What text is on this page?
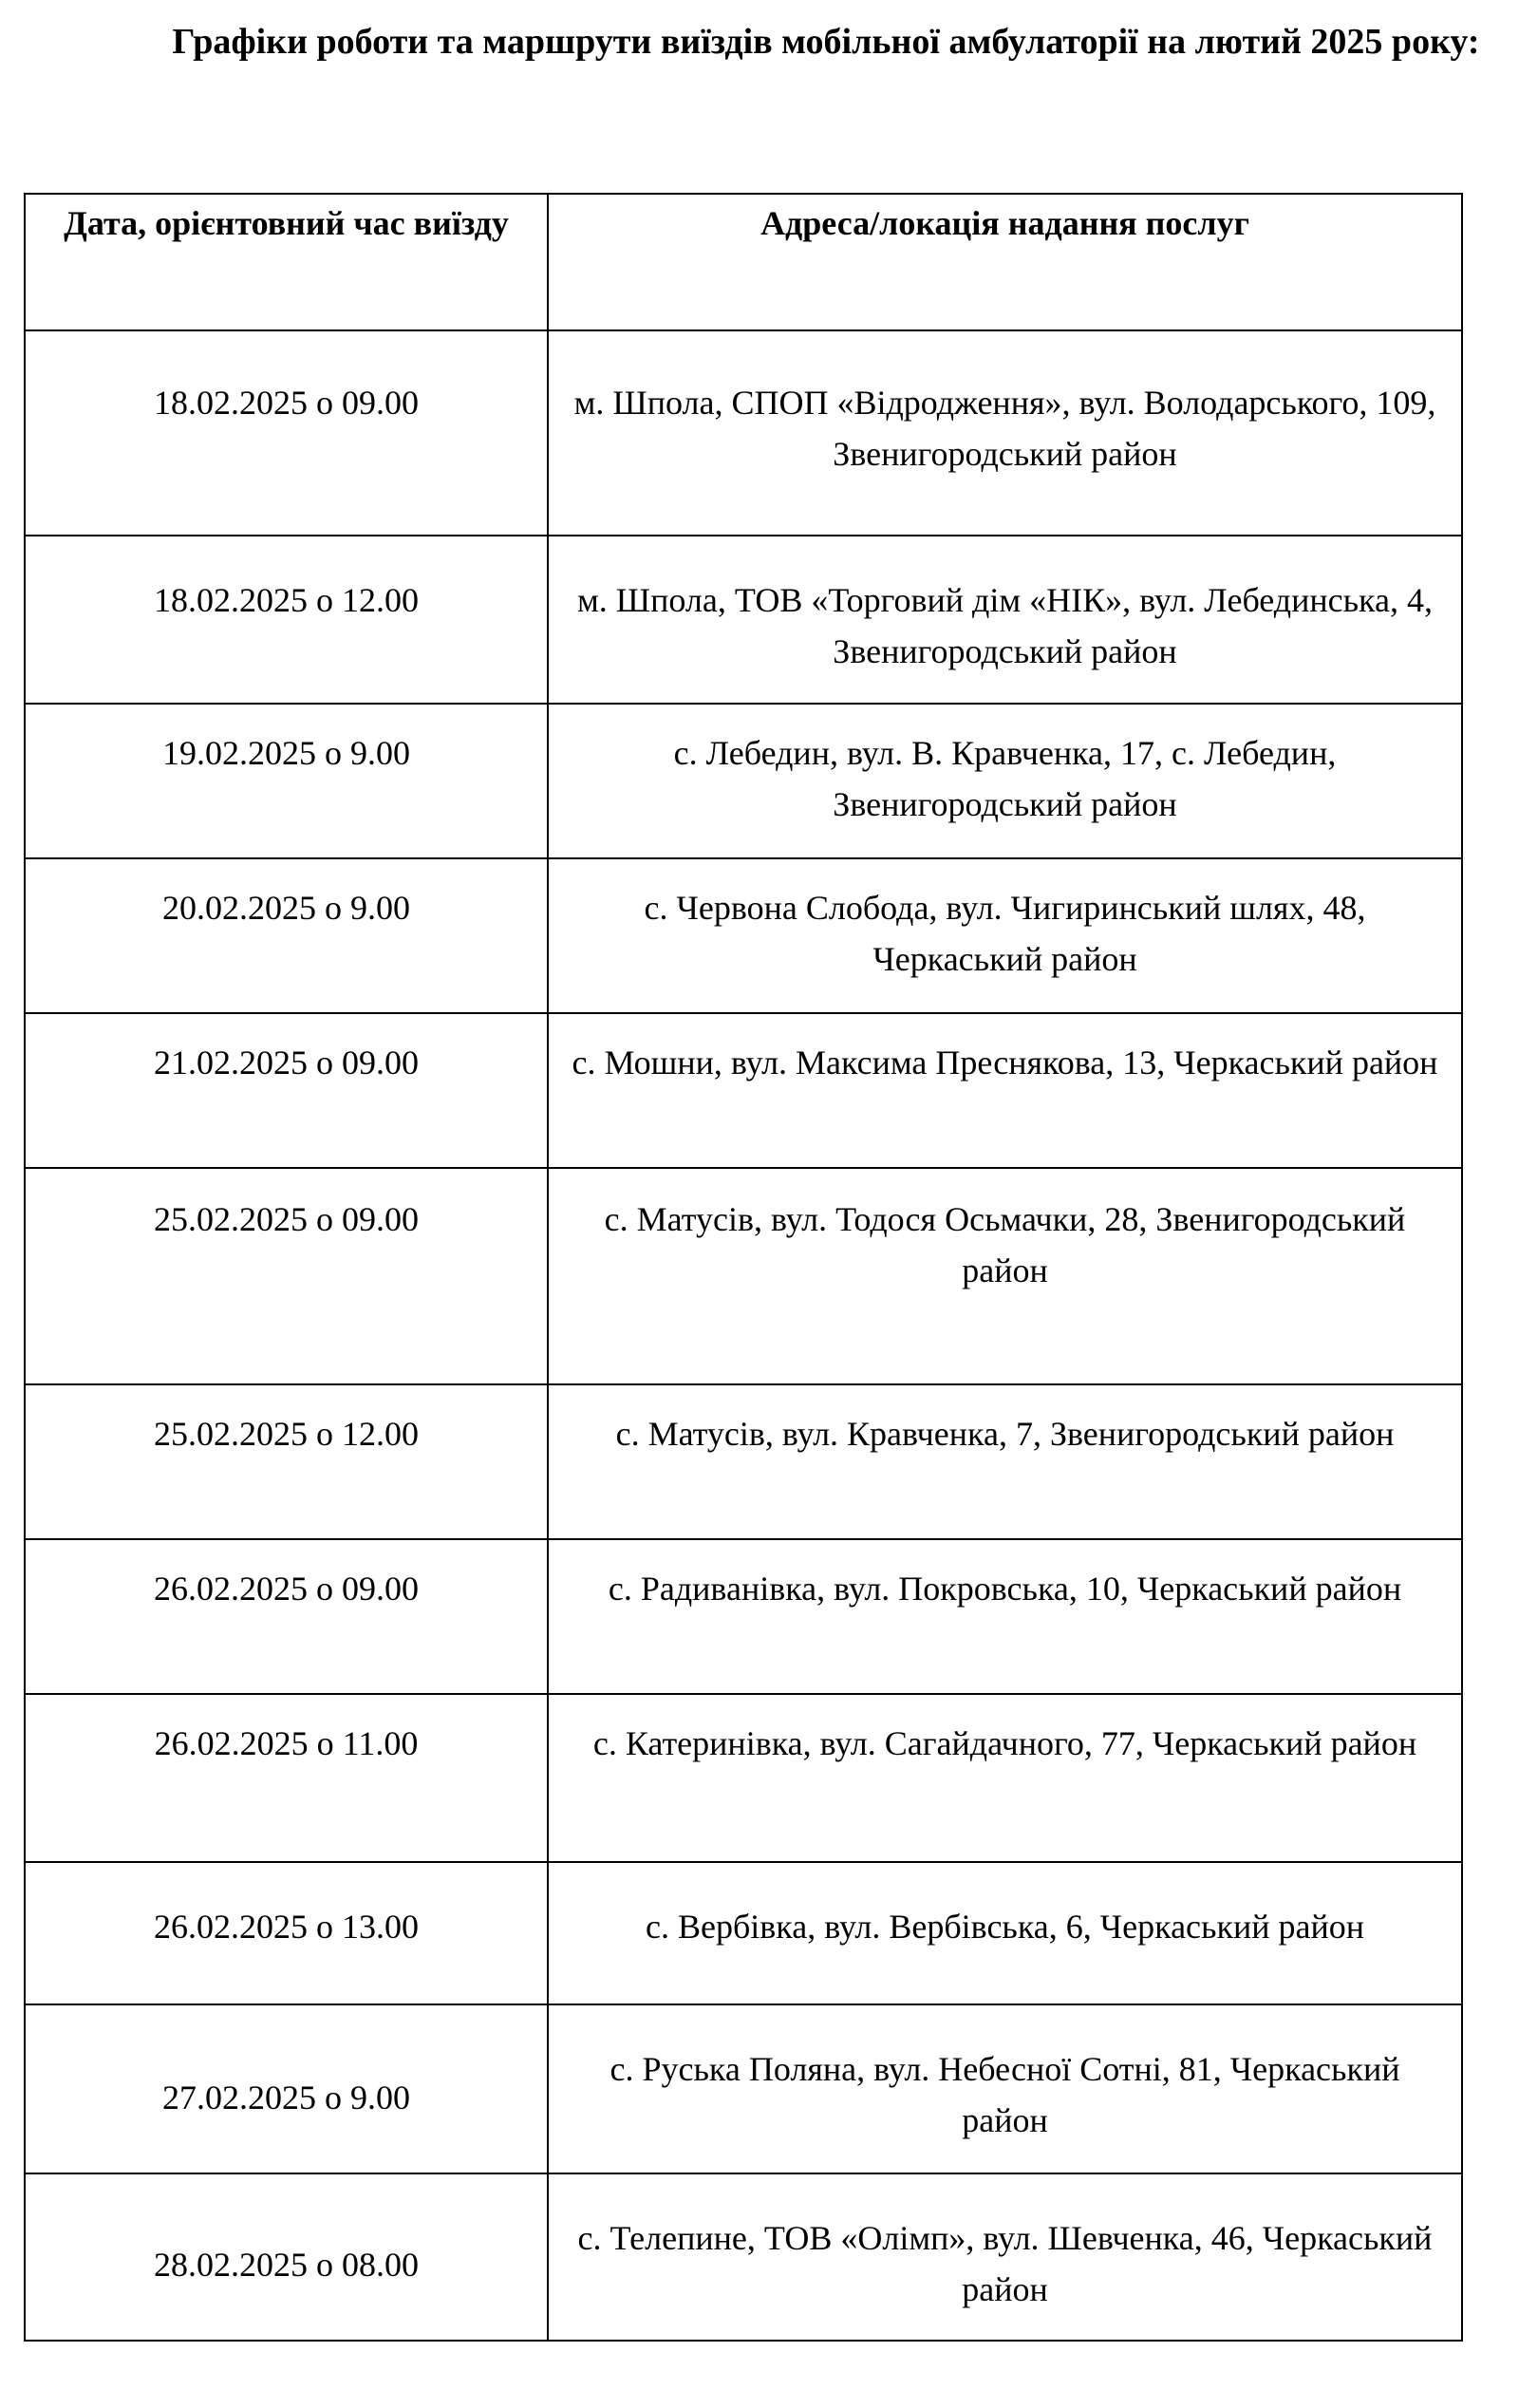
Графіки роботи та маршрути виїздів мобільної амбулаторії на лютий 2025 року:
Дата, орієнтовний час виїзду	Адреса/локація надання послуг
18.02.2025 о 09.00	м. Шпола, СПОП «Відродження», вул. Володарського, 109, Звенигородський район
18.02.2025 о 12.00	м. Шпола, ТОВ «Торговий дім «НІК», вул. Лебединська, 4, Звенигородський район
19.02.2025 о 9.00	с. Лебедин, вул. В. Кравченка, 17, с. Лебедин, Звенигородський район
20.02.2025 о 9.00	с. Червона Слобода, вул. Чигиринський шлях, 48, Черкаський район
21.02.2025 о 09.00	с. Мошни, вул. Максима Преснякова, 13, Черкаський район
25.02.2025 о 09.00	с. Матусів, вул. Тодося Осьмачки, 28, Звенигородський район
25.02.2025 о 12.00	с. Матусів, вул. Кравченка, 7, Звенигородський район
26.02.2025 о 09.00	с. Радиванівка, вул. Покровська, 10, Черкаський район
26.02.2025 о 11.00	с. Катеринівка, вул. Сагайдачного, 77, Черкаський район
26.02.2025 о 13.00	с. Вербівка, вул. Вербівська, 6, Черкаський район
27.02.2025 о 9.00	с. Руська Поляна, вул. Небесної Сотні, 81, Черкаський район
28.02.2025 о 08.00	с. Телепине, ТОВ «Олімп», вул. Шевченка, 46, Черкаський район
